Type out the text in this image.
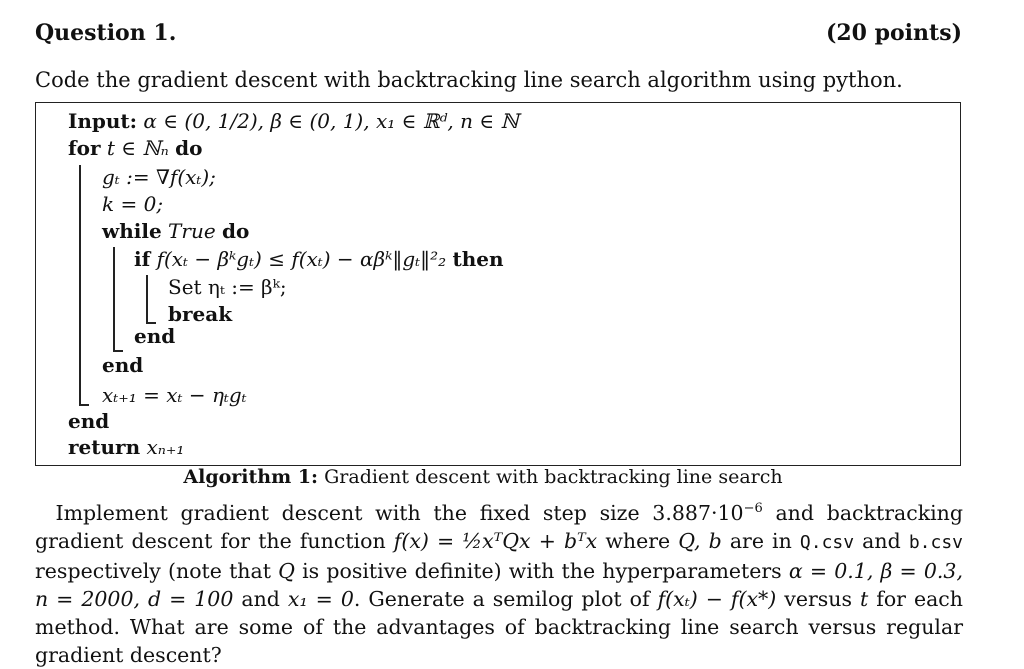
Question 1.	(20 points)
Code the gradient descent with backtracking line search algorithm using python.
Input: α ∈ (0, 1/2), β ∈ (0, 1), x₁ ∈ ℝᵈ, n ∈ ℕ
for t ∈ ℕₙ do
gₜ := ∇f(xₜ);
k = 0;
while True do
if f(xₜ − βᵏgₜ) ≤ f(xₜ) − αβᵏ‖gₜ‖²₂ then
Set ηₜ := βᵏ;
break
end
end
xₜ₊₁ = xₜ − ηₜgₜ
end
return xₙ₊₁
Algorithm 1: Gradient descent with backtracking line search
 Implement gradient descent with the fixed step size $3.887\cdot 10^{-6}$ and backtracking gradient descent for the function f(x) = ½xᵀQx + bᵀx where Q, b are in Q.csv and b.csv respectively (note that Q is positive definite) with the hyperparameters α = 0.1, β = 0.3, n = 2000, d = 100 and x₁ = 0. Generate a semilog plot of f(xₜ) − f(x*) versus t for each method. What are some of the advantages of backtracking line search versus regular gradient descent?
